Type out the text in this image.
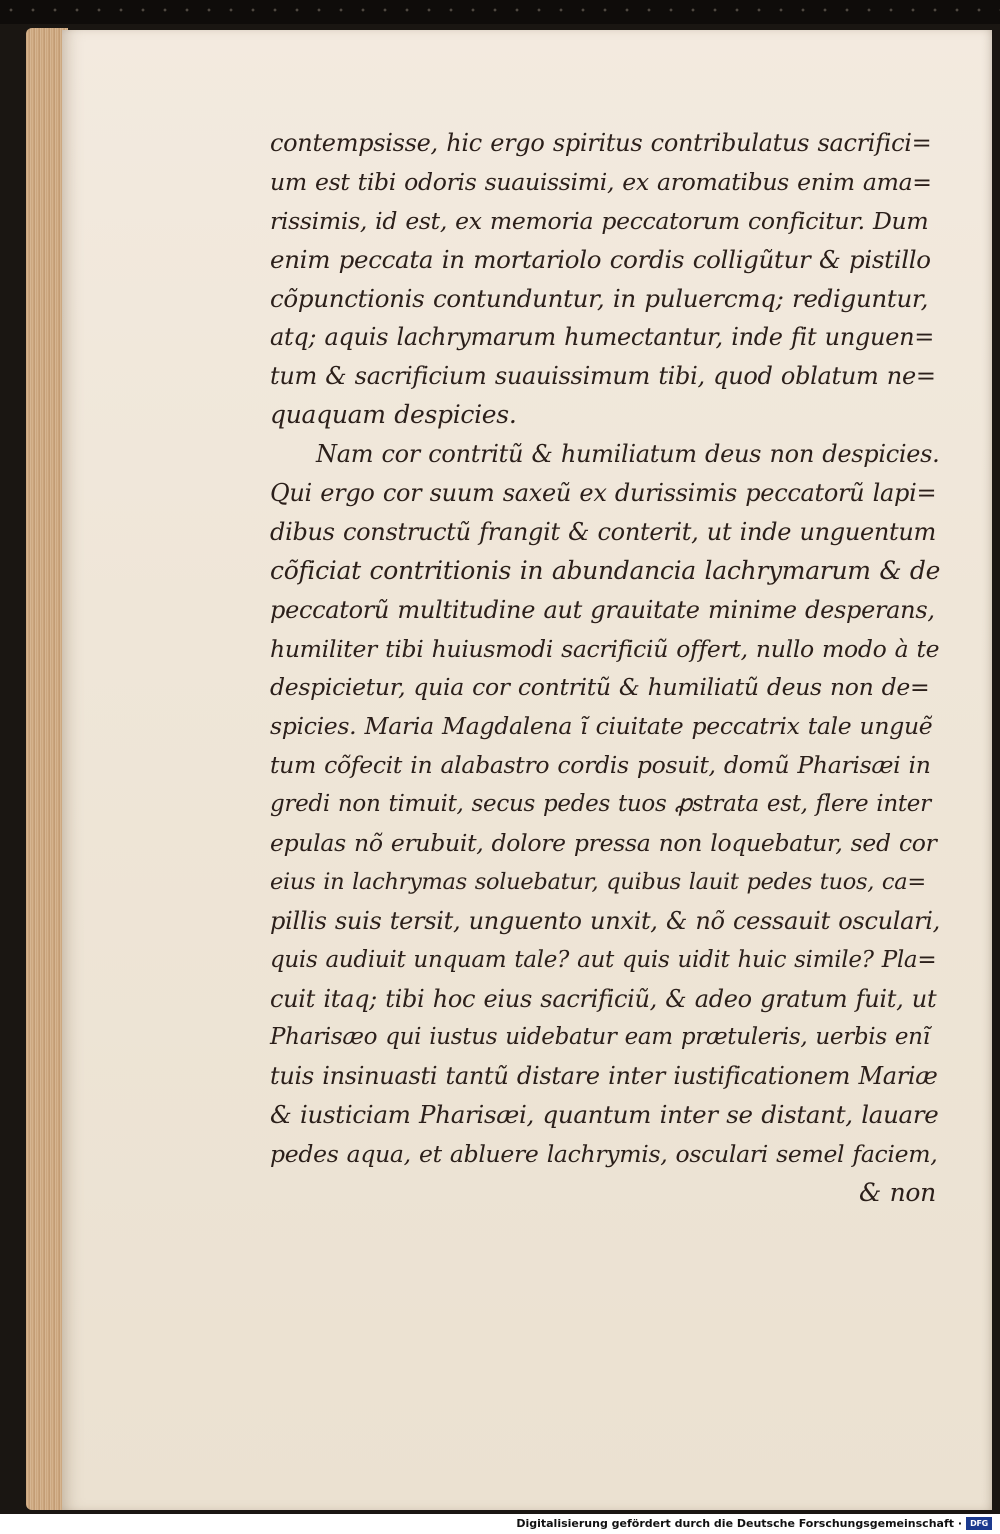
contempsisse, hic ergo spiritus contribulatus sacrifici=
um est tibi odoris suauissimi, ex aromatibus enim ama=
rissimis, id est, ex memoria peccatorum conficitur. Dum
enim peccata in mortariolo cordis colligũtur & pistillo
cõpunctionis contunduntur, in puluercmq; rediguntur,
atq; aquis lachrymarum humectantur, inde fit unguen=
tum & sacrificium suauissimum tibi, quod oblatum ne=
quaquam despicies.
Nam cor contritũ & humiliatum deus non despicies.
Qui ergo cor suum saxeũ ex durissimis peccatorũ lapi=
dibus constructũ frangit & conterit, ut inde unguentum
cõficiat contritionis in abundancia lachrymarum & de
peccatorũ multitudine aut grauitate minime desperans,
humiliter tibi huiusmodi sacrificiũ offert, nullo modo à te
despicietur, quia cor contritũ & humiliatũ deus non de=
spicies. Maria Magdalena ĩ ciuitate peccatrix tale unguẽ
tum cõfecit in alabastro cordis posuit, domũ Pharisæi in
gredi non timuit, secus pedes tuos ꝓstrata est, flere inter
epulas nõ erubuit, dolore pressa non loquebatur, sed cor
eius in lachrymas soluebatur, quibus lauit pedes tuos, ca=
pillis suis tersit, unguento unxit, & nõ cessauit osculari,
quis audiuit unquam tale? aut quis uidit huic simile? Pla=
cuit itaq; tibi hoc eius sacrificiũ, & adeo gratum fuit, ut
Pharisæo qui iustus uidebatur eam prætuleris, uerbis enĩ
tuis insinuasti tantũ distare inter iustificationem Mariæ
& iusticiam Pharisæi, quantum inter se distant, lauare
pedes aqua, et abluere lachrymis, osculari semel faciem,
& non
Digitalisierung gefördert durch die Deutsche Forschungsgemeinschaft ·	DFG
